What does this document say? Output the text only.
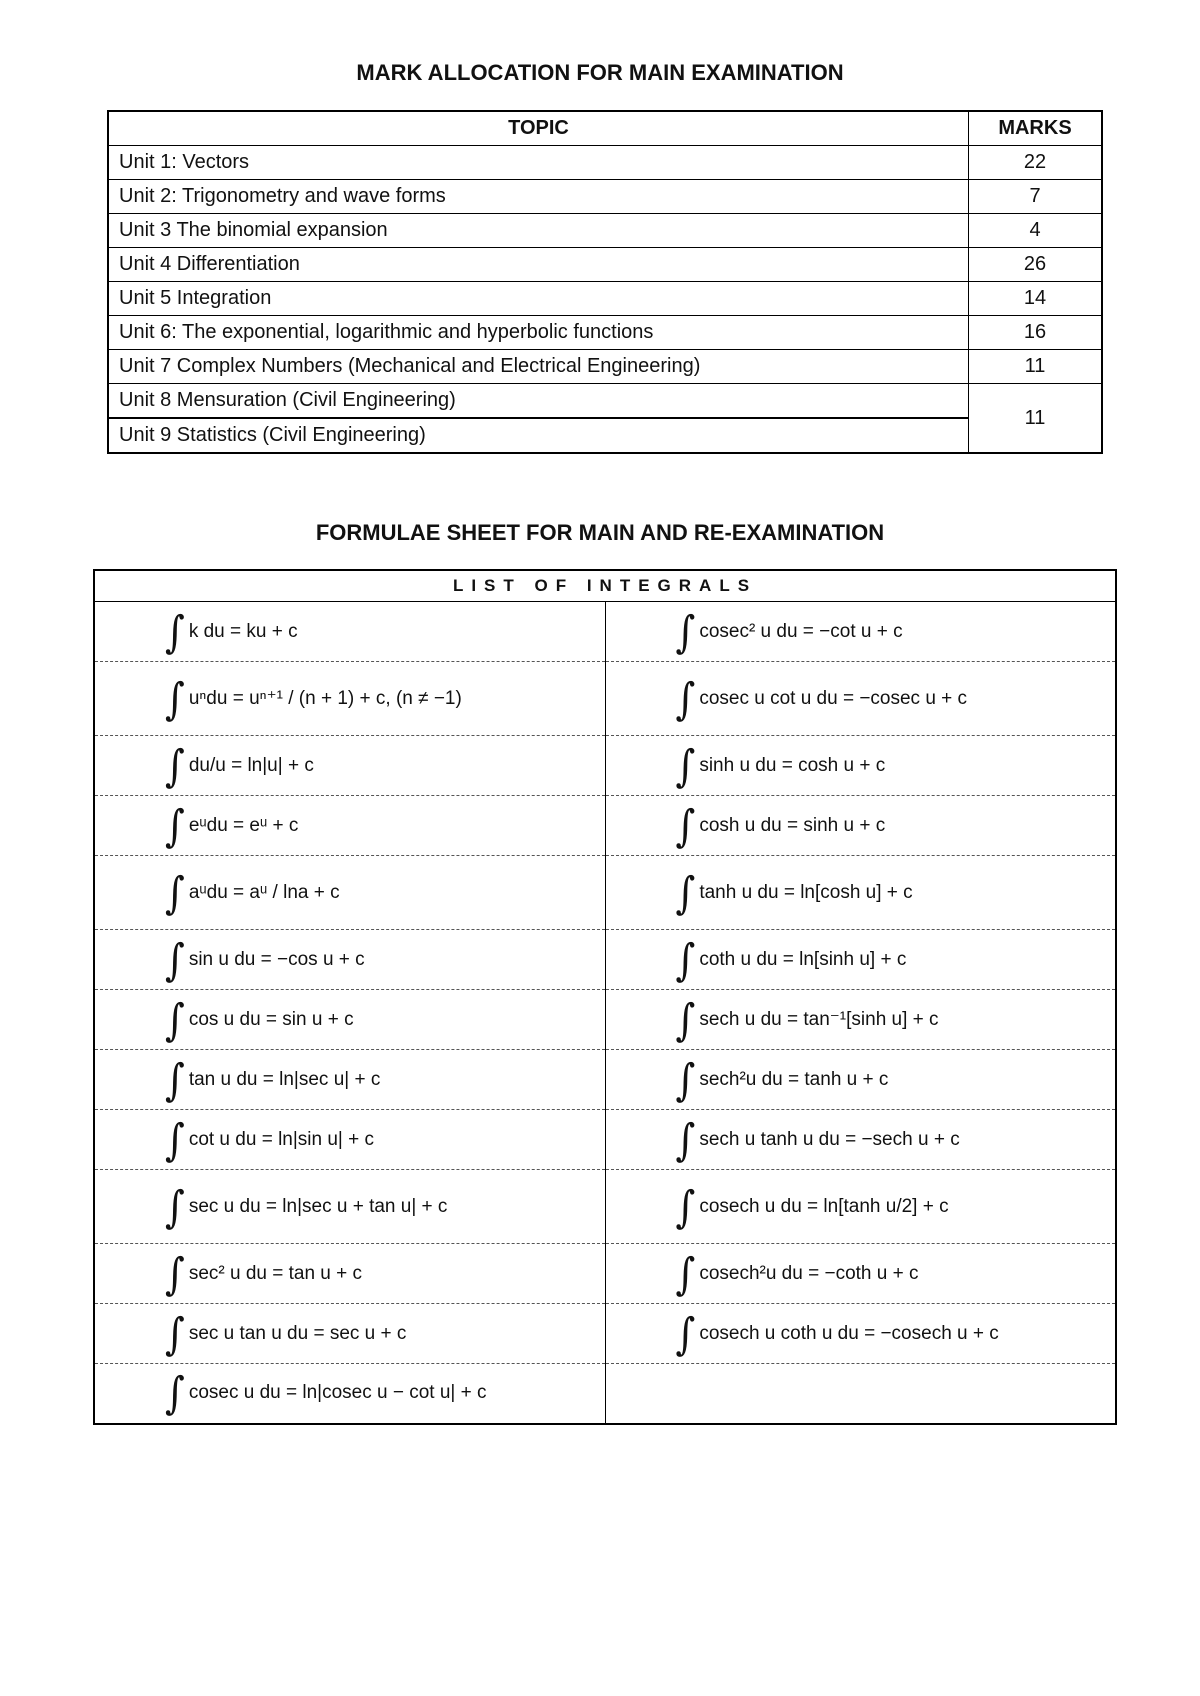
MARK ALLOCATION FOR MAIN EXAMINATION
TOPIC	MARKS
Unit 1: Vectors	22
Unit 2: Trigonometry and wave forms	7
Unit 3 The binomial expansion	4
Unit 4 Differentiation	26
Unit 5 Integration	14
Unit 6: The exponential, logarithmic and hyperbolic functions	16
Unit 7 Complex Numbers (Mechanical and Electrical Engineering)	11
Unit 8 Mensuration (Civil Engineering)	11
Unit 9 Statistics (Civil Engineering)	
FORMULAE SHEET FOR MAIN AND RE-EXAMINATION
LIST OF INTEGRALS	
∫ k du = ku + c	∫ cosec² u du = −cot u + c
∫ uⁿdu = uⁿ⁺¹ / (n + 1) + c, (n ≠ −1)	∫ cosec u cot u du = −cosec u + c
∫ du/u = ln|u| + c	∫ sinh u du = cosh u + c
∫ eᵘdu = eᵘ + c	∫ cosh u du = sinh u + c
∫ aᵘdu = aᵘ / lna + c	∫ tanh u du = ln[cosh u] + c
∫ sin u du = −cos u + c	∫ coth u du = ln[sinh u] + c
∫ cos u du = sin u + c	∫ sech u du = tan⁻¹[sinh u] + c
∫ tan u du = ln|sec u| + c	∫ sech²u du = tanh u + c
∫ cot u du = ln|sin u| + c	∫ sech u tanh u du = −sech u + c
∫ sec u du = ln|sec u + tan u| + c	∫ cosech u du = ln[tanh u/2] + c
∫ sec² u du = tan u + c	∫ cosech²u du = −coth u + c
∫ sec u tan u du = sec u + c	∫ cosech u coth u du = −cosech u + c
∫ cosec u du = ln|cosec u − cot u| + c	
